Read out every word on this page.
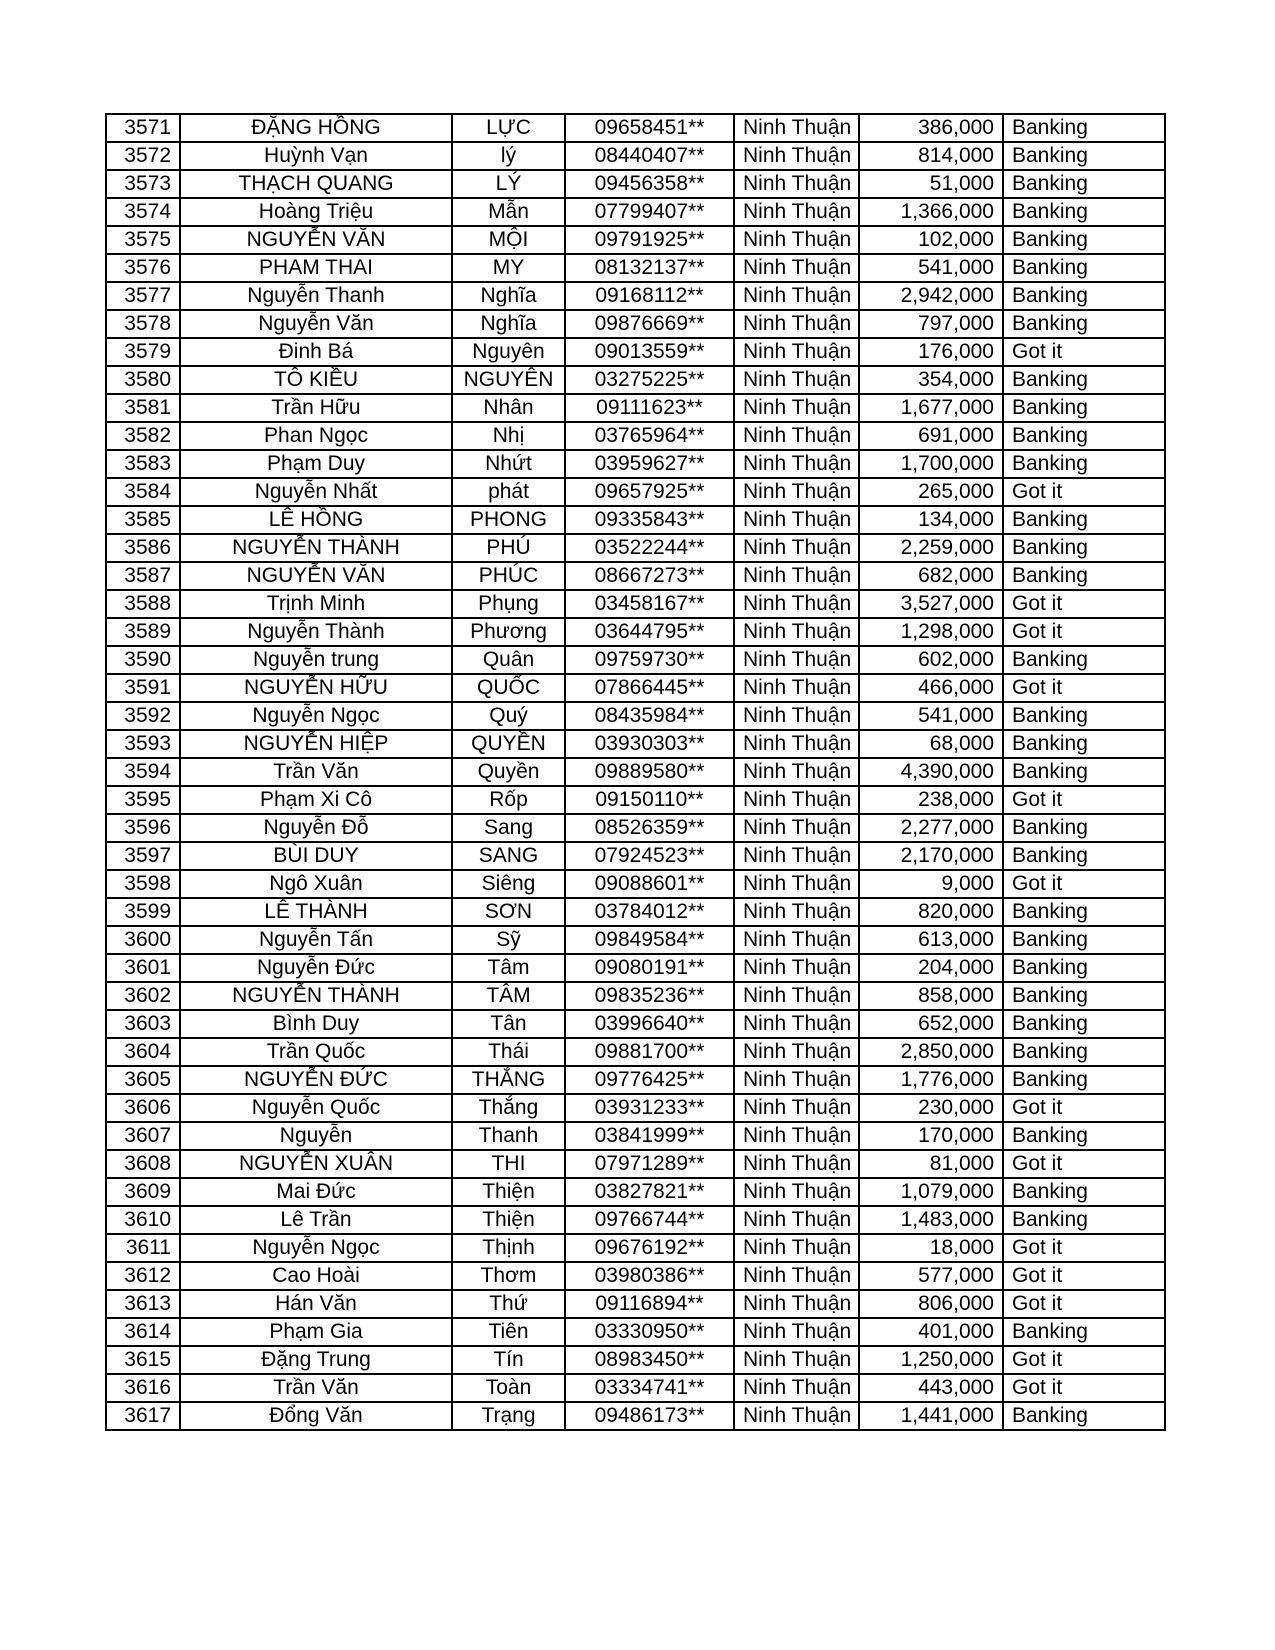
3571	ĐẶNG HỒNG	LỰC	09658451**	Ninh Thuận	386,000	Banking
3572	Huỳnh Vạn	lý	08440407**	Ninh Thuận	814,000	Banking
3573	THẠCH QUANG	LÝ	09456358**	Ninh Thuận	51,000	Banking
3574	Hoàng Triệu	Mẫn	07799407**	Ninh Thuận	1,366,000	Banking
3575	NGUYỄN VĂN	MỘI	09791925**	Ninh Thuận	102,000	Banking
3576	PHAM THAI	MY	08132137**	Ninh Thuận	541,000	Banking
3577	Nguyễn Thanh	Nghĩa	09168112**	Ninh Thuận	2,942,000	Banking
3578	Nguyễn Văn	Nghĩa	09876669**	Ninh Thuận	797,000	Banking
3579	Đinh Bá	Nguyên	09013559**	Ninh Thuận	176,000	Got it
3580	TÔ KIỀU	NGUYÊN	03275225**	Ninh Thuận	354,000	Banking
3581	Trần Hữu	Nhân	09111623**	Ninh Thuận	1,677,000	Banking
3582	Phan Ngọc	Nhị	03765964**	Ninh Thuận	691,000	Banking
3583	Phạm Duy	Nhứt	03959627**	Ninh Thuận	1,700,000	Banking
3584	Nguyễn Nhất	phát	09657925**	Ninh Thuận	265,000	Got it
3585	LÊ HỒNG	PHONG	09335843**	Ninh Thuận	134,000	Banking
3586	NGUYỄN THÀNH	PHÚ	03522244**	Ninh Thuận	2,259,000	Banking
3587	NGUYỄN VĂN	PHÚC	08667273**	Ninh Thuận	682,000	Banking
3588	Trịnh Minh	Phụng	03458167**	Ninh Thuận	3,527,000	Got it
3589	Nguyễn Thành	Phương	03644795**	Ninh Thuận	1,298,000	Got it
3590	Nguyễn trung	Quân	09759730**	Ninh Thuận	602,000	Banking
3591	NGUYỄN HỮU	QUỐC	07866445**	Ninh Thuận	466,000	Got it
3592	Nguyễn Ngọc	Quý	08435984**	Ninh Thuận	541,000	Banking
3593	NGUYỄN HIỆP	QUYỀN	03930303**	Ninh Thuận	68,000	Banking
3594	Trần Văn	Quyền	09889580**	Ninh Thuận	4,390,000	Banking
3595	Phạm Xi Cô	Rốp	09150110**	Ninh Thuận	238,000	Got it
3596	Nguyễn Đỗ	Sang	08526359**	Ninh Thuận	2,277,000	Banking
3597	BÙI DUY	SANG	07924523**	Ninh Thuận	2,170,000	Banking
3598	Ngô Xuân	Siêng	09088601**	Ninh Thuận	9,000	Got it
3599	LÊ THÀNH	SƠN	03784012**	Ninh Thuận	820,000	Banking
3600	Nguyễn Tấn	Sỹ	09849584**	Ninh Thuận	613,000	Banking
3601	Nguyễn Đức	Tâm	09080191**	Ninh Thuận	204,000	Banking
3602	NGUYỄN THÀNH	TÂM	09835236**	Ninh Thuận	858,000	Banking
3603	Bình Duy	Tân	03996640**	Ninh Thuận	652,000	Banking
3604	Trần Quốc	Thái	09881700**	Ninh Thuận	2,850,000	Banking
3605	NGUYỄN ĐỨC	THẮNG	09776425**	Ninh Thuận	1,776,000	Banking
3606	Nguyễn Quốc	Thắng	03931233**	Ninh Thuận	230,000	Got it
3607	Nguyễn	Thanh	03841999**	Ninh Thuận	170,000	Banking
3608	NGUYỄN XUÂN	THI	07971289**	Ninh Thuận	81,000	Got it
3609	Mai Đức	Thiện	03827821**	Ninh Thuận	1,079,000	Banking
3610	Lê Trần	Thiện	09766744**	Ninh Thuận	1,483,000	Banking
3611	Nguyễn Ngọc	Thịnh	09676192**	Ninh Thuận	18,000	Got it
3612	Cao Hoài	Thơm	03980386**	Ninh Thuận	577,000	Got it
3613	Hán Văn	Thứ	09116894**	Ninh Thuận	806,000	Got it
3614	Phạm Gia	Tiên	03330950**	Ninh Thuận	401,000	Banking
3615	Đặng Trung	Tín	08983450**	Ninh Thuận	1,250,000	Got it
3616	Trần Văn	Toàn	03334741**	Ninh Thuận	443,000	Got it
3617	Đổng Văn	Trạng	09486173**	Ninh Thuận	1,441,000	Banking
